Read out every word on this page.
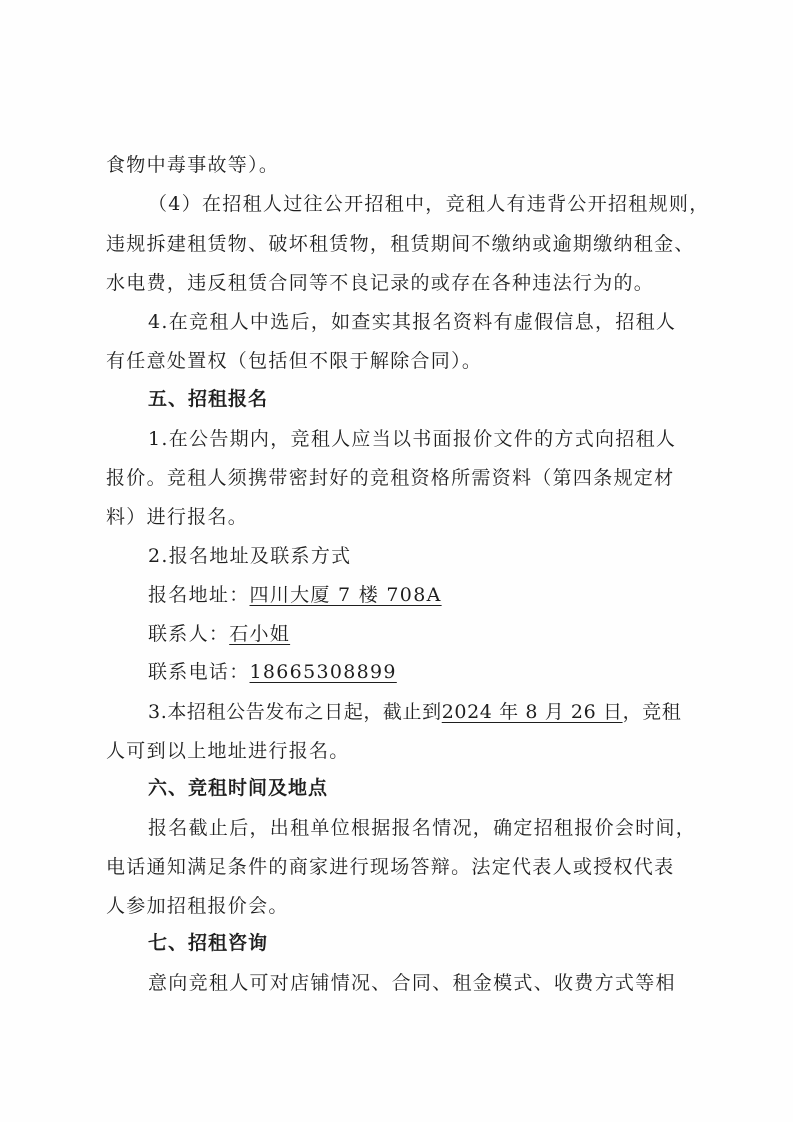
食物中毒事故等）。
（4）在招租人过往公开招租中，竞租人有违背公开招租规则，
违规拆建租赁物、破坏租赁物，租赁期间不缴纳或逾期缴纳租金、
水电费，违反租赁合同等不良记录的或存在各种违法行为的。
4.在竞租人中选后，如查实其报名资料有虚假信息，招租人
有任意处置权（包括但不限于解除合同）。
五、招租报名
1.在公告期内，竞租人应当以书面报价文件的方式向招租人
报价。竞租人须携带密封好的竞租资格所需资料（第四条规定材
料）进行报名。
2.报名地址及联系方式
报名地址：四川大厦 7 楼 708A
联系人：石小姐
联系电话：18665308899
3.本招租公告发布之日起，截止到2024 年 8 月 26 日，竞租
人可到以上地址进行报名。
六、竞租时间及地点
报名截止后，出租单位根据报名情况，确定招租报价会时间，
电话通知满足条件的商家进行现场答辩。法定代表人或授权代表
人参加招租报价会。
七、招租咨询
意向竞租人可对店铺情况、合同、租金模式、收费方式等相
